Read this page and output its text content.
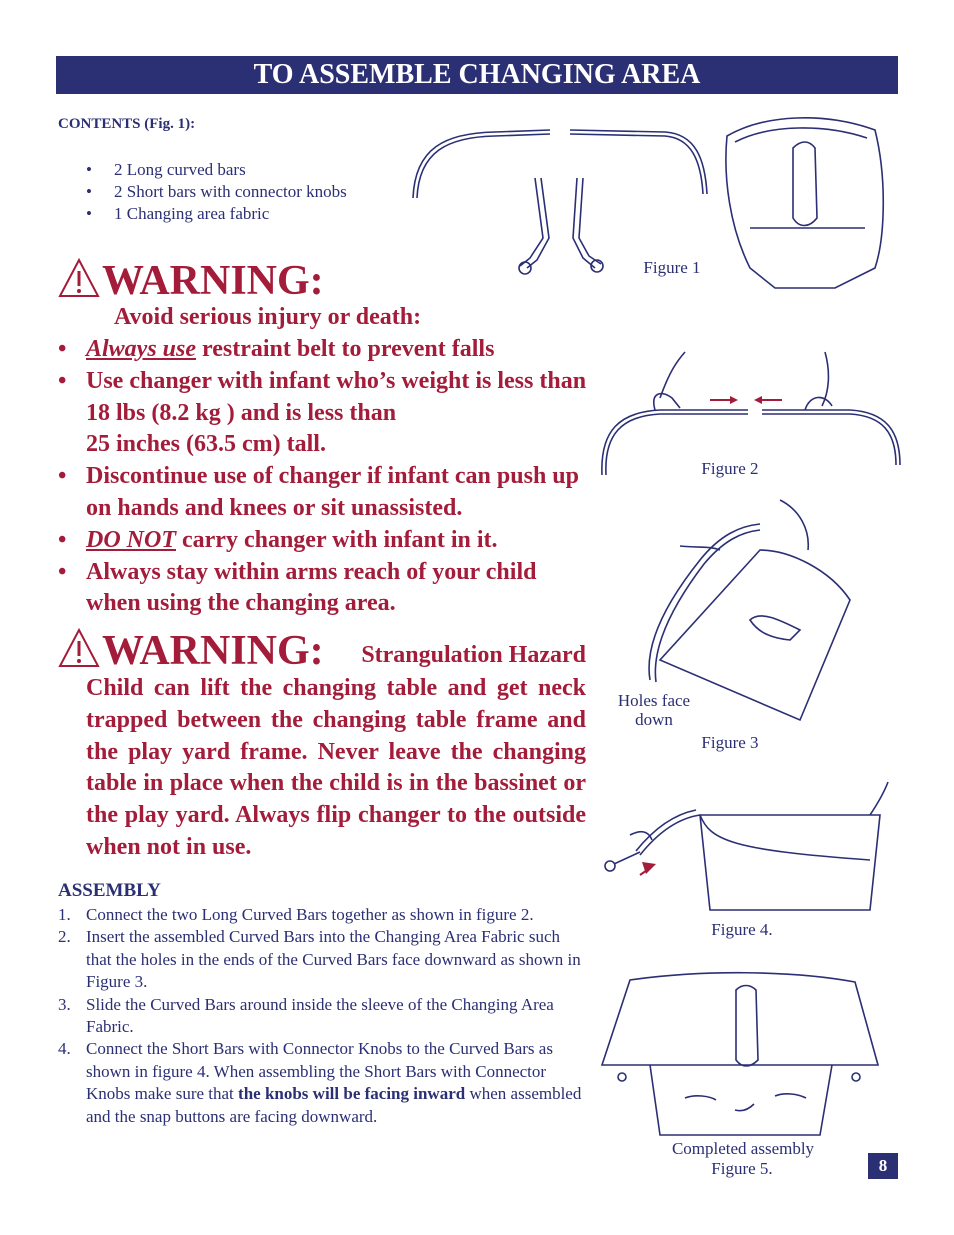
TO ASSEMBLE CHANGING AREA
CONTENTS (Fig. 1):
• 2 Long curved bars
• 2 Short bars with connector knobs
• 1 Changing area fabric
WARNING:
Avoid serious injury or death:
• Always use restraint belt to prevent falls
• Use changer with infant who’s weight is less than 18 lbs (8.2 kg ) and is less than
25 inches (63.5 cm) tall.
• Discontinue use of changer if infant can push up on hands and knees or sit unassisted.
• DO NOT carry changer with infant in it.
• Always stay within arms reach of your child when using the changing area.
WARNING: Strangulation Hazard
Child can lift the changing table and get neck trapped between the changing table frame and the play yard frame. Never leave the changing table in place when the child is in the bassinet or the play yard. Always flip changer to the outside when not in use.
ASSEMBLY
1. Connect the two Long Curved Bars together as shown in figure 2.
2. Insert the assembled Curved Bars into the Changing Area Fabric such that the holes in the ends of the Curved Bars face downward as shown in Figure 3.
3. Slide the Curved Bars around inside the sleeve of the Changing Area Fabric.
4. Connect the Short Bars with Connector Knobs to the Curved Bars as shown in figure 4. When assembling the Short Bars with Connector Knobs make sure that the knobs will be facing inward when assembled and the snap buttons are facing downward.
Figure 1
Figure 2
Holes face down
Figure 3
Figure 4.
Completed assembly
Figure 5.	8
